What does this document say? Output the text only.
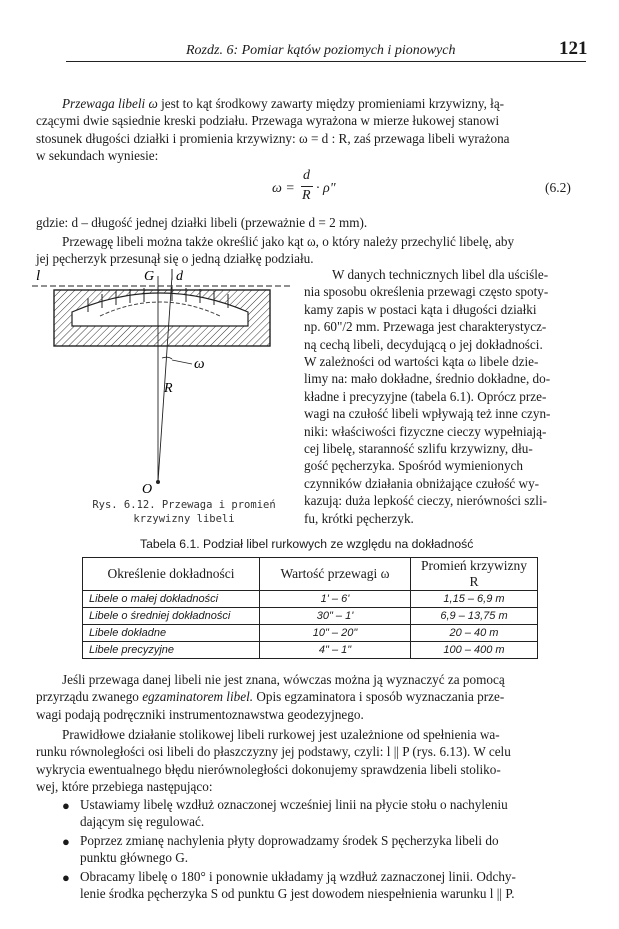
Rozdz. 6: Pomiar kątów poziomych i pionowych	121
Przewaga libeli ω jest to kąt środkowy zawarty między promieniami krzywizny, łą-
czącymi dwie sąsiednie kreski podziału. Przewaga wyrażona w mierze łukowej stanowi
stosunek długości działki i promienia krzywizny: ω = d : R, zaś przewaga libeli wyrażona
w sekundach wyniesie:
ω =
d
R · ρ"	(6.2)
gdzie: d – długość jednej działki libeli (przeważnie d = 2 mm).
Przewagę libeli można także określić jako kąt ω, o który należy przechylić libelę, aby
jej pęcherzyk przesunął się o jedną działkę podziału.
l	G d
ω
R
O
Rys. 6.12. Przewaga i promień
krzywizny libeli
W danych technicznych libel dla uściśle-
nia sposobu określenia przewagi często spoty-
kamy zapis w postaci kąta i długości działki
np. 60"/2 mm. Przewaga jest charakterystycz-
ną cechą libeli, decydującą o jej dokładności.
W zależności od wartości kąta ω libele dzie-
limy na: mało dokładne, średnio dokładne, do-
kładne i precyzyjne (tabela 6.1). Oprócz prze-
wagi na czułość libeli wpływają też inne czyn-
niki: właściwości fizyczne cieczy wypełniają-
cej libelę, staranność szlifu krzywizny, dłu-
gość pęcherzyka. Spośród wymienionych
czynników działania obniżające czułość wy-
kazują: duża lepkość cieczy, nierówności szli-
fu, krótki pęcherzyk.
Tabela 6.1. Podział libel rurkowych ze względu na dokładność
Określenie dokładności	Wartość przewagi ω	Promień krzywizny R
Libele o małej dokładności	1' – 6'	1,15 – 6,9 m
Libele o średniej dokładności	30" – 1'	6,9 – 13,75 m
Libele dokładne	10" – 20"	20 – 40 m
Libele precyzyjne	4" – 1"	100 – 400 m
Jeśli przewaga danej libeli nie jest znana, wówczas można ją wyznaczyć za pomocą
przyrządu zwanego egzaminatorem libel. Opis egzaminatora i sposób wyznaczania prze-
wagi podają podręczniki instrumentoznawstwa geodezyjnego.
Prawidłowe działanie stolikowej libeli rurkowej jest uzależnione od spełnienia wa-
runku równoległości osi libeli do płaszczyzny jej podstawy, czyli: l || P (rys. 6.13). W celu
wykrycia ewentualnego błędu nierównoległości dokonujemy sprawdzenia libeli stoliko-
wej, które przebiega następująco:
● Ustawiamy libelę wzdłuż oznaczonej wcześniej linii na płycie stołu o nachyleniu
dającym się regulować.
● Poprzez zmianę nachylenia płyty doprowadzamy środek S pęcherzyka libeli do
punktu głównego G.
● Obracamy libelę o 180° i ponownie układamy ją wzdłuż zaznaczonej linii. Odchy-
lenie środka pęcherzyka S od punktu G jest dowodem niespełnienia warunku l || P.
